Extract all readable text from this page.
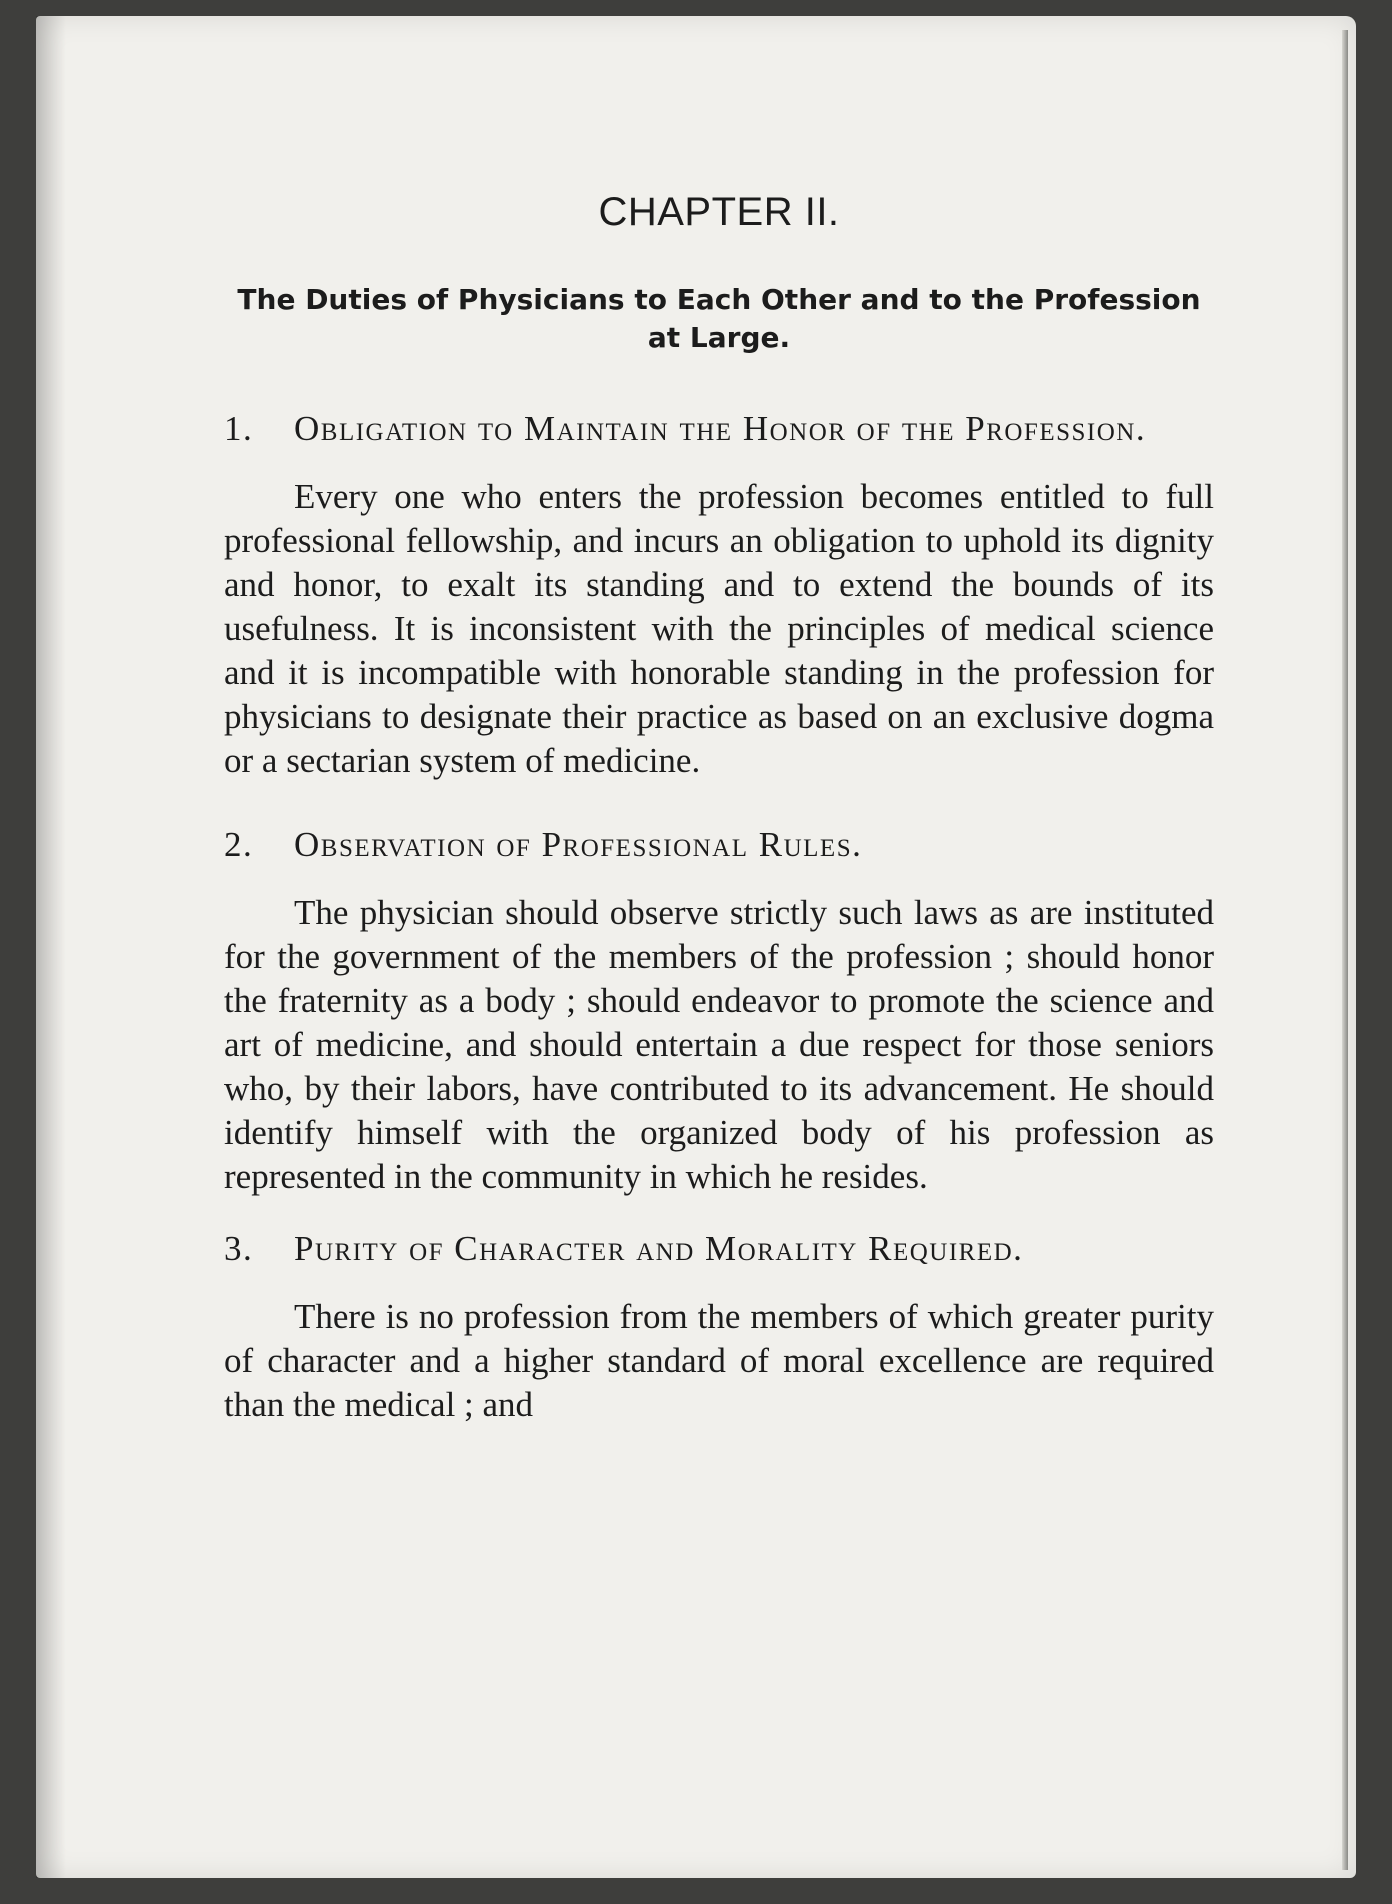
CHAPTER II.
The Duties of Physicians to Each Other and to the Profession at Large.
1. Obligation to Maintain the Honor of the Profession.

Every one who enters the profession becomes entitled to full professional fellowship, and incurs an obligation to uphold its dignity and honor, to exalt its standing and to extend the bounds of its usefulness. It is inconsistent with the principles of medical science and it is incompatible with honorable standing in the profession for physicians to designate their practice as based on an exclusive dogma or a sectarian system of medicine.

2. Observation of Professional Rules.

The physician should observe strictly such laws as are instituted for the government of the members of the profession ; should honor the fraternity as a body ; should endeavor to promote the science and art of medicine, and should entertain a due respect for those seniors who, by their labors, have contributed to its advancement. He should identify himself with the organized body of his profession as represented in the community in which he resides.

3. Purity of Character and Morality Required.

There is no profession from the members of which greater purity of character and a higher standard of moral excellence are required than the medical ; and
